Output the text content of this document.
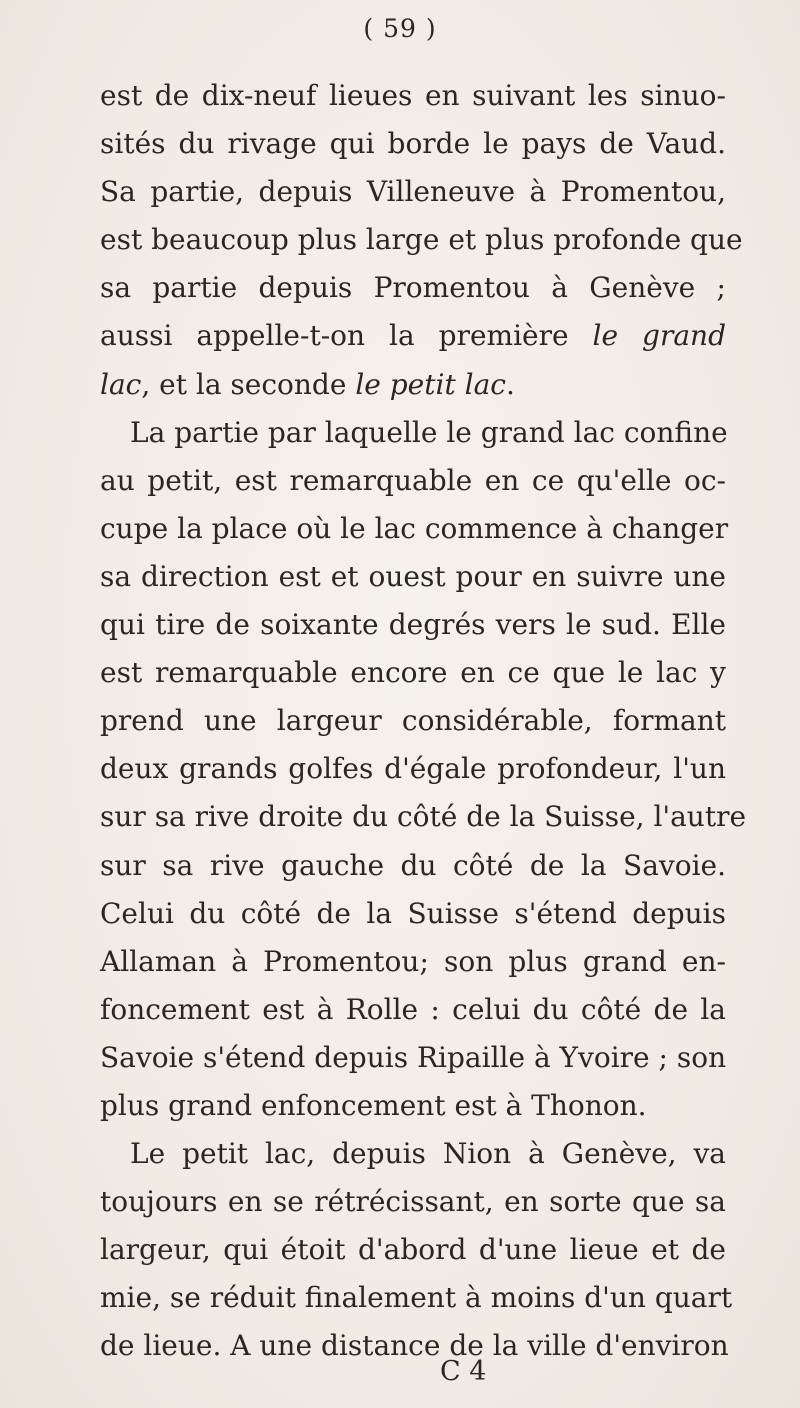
( 59 )
est de dix-neuf lieues en suivant les sinuo-
sités du rivage qui borde le pays de Vaud.
Sa partie, depuis Villeneuve à Promentou,
est beaucoup plus large et plus profonde que
sa partie depuis Promentou à Genève ;
aussi appelle-t-on la première le grand
lac, et la seconde le petit lac.
La partie par laquelle le grand lac confine
au petit, est remarquable en ce qu'elle oc-
cupe la place où le lac commence à changer
sa direction est et ouest pour en suivre une
qui tire de soixante degrés vers le sud. Elle
est remarquable encore en ce que le lac y
prend une largeur considérable, formant
deux grands golfes d'égale profondeur, l'un
sur sa rive droite du côté de la Suisse, l'autre
sur sa rive gauche du côté de la Savoie.
Celui du côté de la Suisse s'étend depuis
Allaman à Promentou; son plus grand en-
foncement est à Rolle : celui du côté de la
Savoie s'étend depuis Ripaille à Yvoire ; son
plus grand enfoncement est à Thonon.
Le petit lac, depuis Nion à Genève, va
toujours en se rétrécissant, en sorte que sa
largeur, qui étoit d'abord d'une lieue et de
mie, se réduit finalement à moins d'un quart
de lieue. A une distance de la ville d'environ
C 4
